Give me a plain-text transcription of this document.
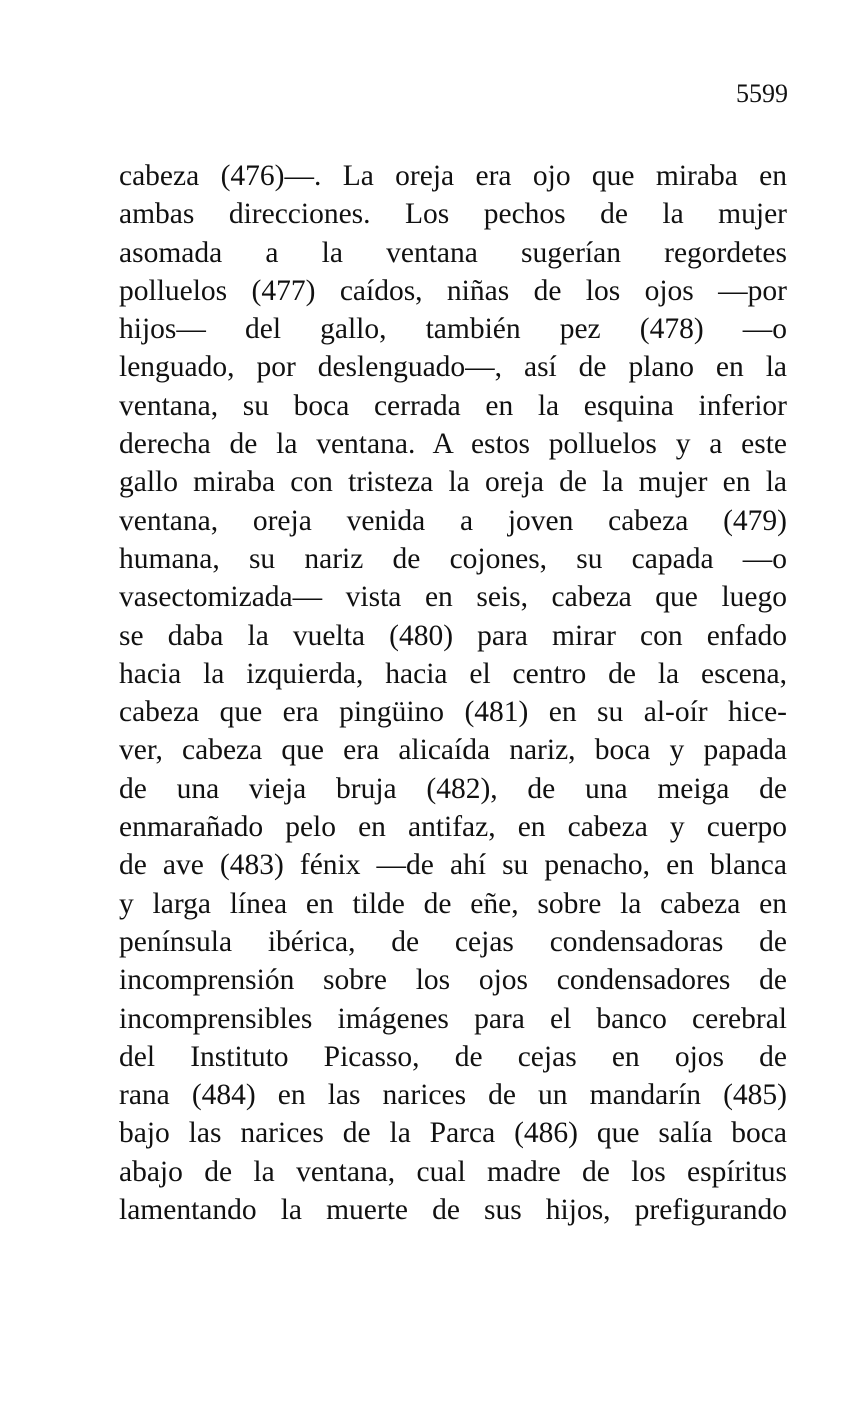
5599
cabeza (476)—. La oreja era ojo que miraba en
ambas direcciones. Los pechos de la mujer
asomada a la ventana sugerían regordetes
polluelos (477) caídos, niñas de los ojos —por
hijos— del gallo, también pez (478) —o
lenguado, por deslenguado—, así de plano en la
ventana, su boca cerrada en la esquina inferior
derecha de la ventana. A estos polluelos y a este
gallo miraba con tristeza la oreja de la mujer en la
ventana, oreja venida a joven cabeza (479)
humana, su nariz de cojones, su capada —o
vasectomizada— vista en seis, cabeza que luego
se daba la vuelta (480) para mirar con enfado
hacia la izquierda, hacia el centro de la escena,
cabeza que era pingüino (481) en su al-oír hice-
ver, cabeza que era alicaída nariz, boca y papada
de una vieja bruja (482), de una meiga de
enmarañado pelo en antifaz, en cabeza y cuerpo
de ave (483) fénix —de ahí su penacho, en blanca
y larga línea en tilde de eñe, sobre la cabeza en
península ibérica, de cejas condensadoras de
incomprensión sobre los ojos condensadores de
incomprensibles imágenes para el banco cerebral
del Instituto Picasso, de cejas en ojos de
rana (484) en las narices de un mandarín (485)
bajo las narices de la Parca (486) que salía boca
abajo de la ventana, cual madre de los espíritus
lamentando la muerte de sus hijos, prefigurando
